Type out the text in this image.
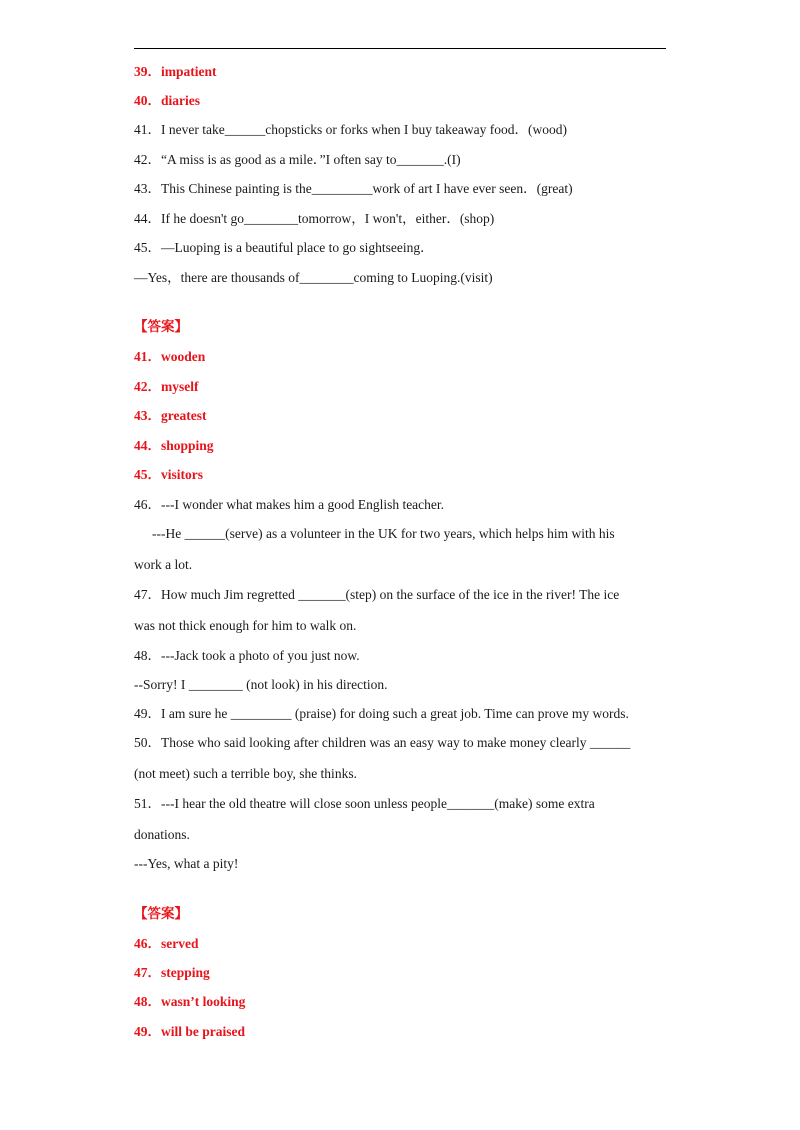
39．impatient
40．diaries
41．I never take______chopsticks or forks when I buy takeaway food．(wood)
42．“A miss is as good as a mile．”I often say to_______.(I)
43．This Chinese painting is the_________work of art I have ever seen．(great)
44．If he doesn't go________tomorrow，I won't，either．(shop)
45．—Luoping is a beautiful place to go sightseeing．
—Yes，there are thousands of________coming to Luoping.(visit)
【答案】
41．wooden
42．myself
43．greatest
44．shopping
45．visitors
46．---I wonder what makes him a good English teacher.
---He ______(serve) as a volunteer in the UK for two years, which helps him with his
work a lot.
47．How much Jim regretted _______(step) on the surface of the ice in the river! The ice
was not thick enough for him to walk on.
48．---Jack took a photo of you just now.
--Sorry! I ________ (not look) in his direction.
49．I am sure he _________ (praise) for doing such a great job. Time can prove my words.
50．Those who said looking after children was an easy way to make money clearly ______
(not meet) such a terrible boy, she thinks.
51．---I hear the old theatre will close soon unless people_______(make) some extra
donations.
---Yes, what a pity!
【答案】
46．served
47．stepping
48．wasn’t looking
49．will be praised
